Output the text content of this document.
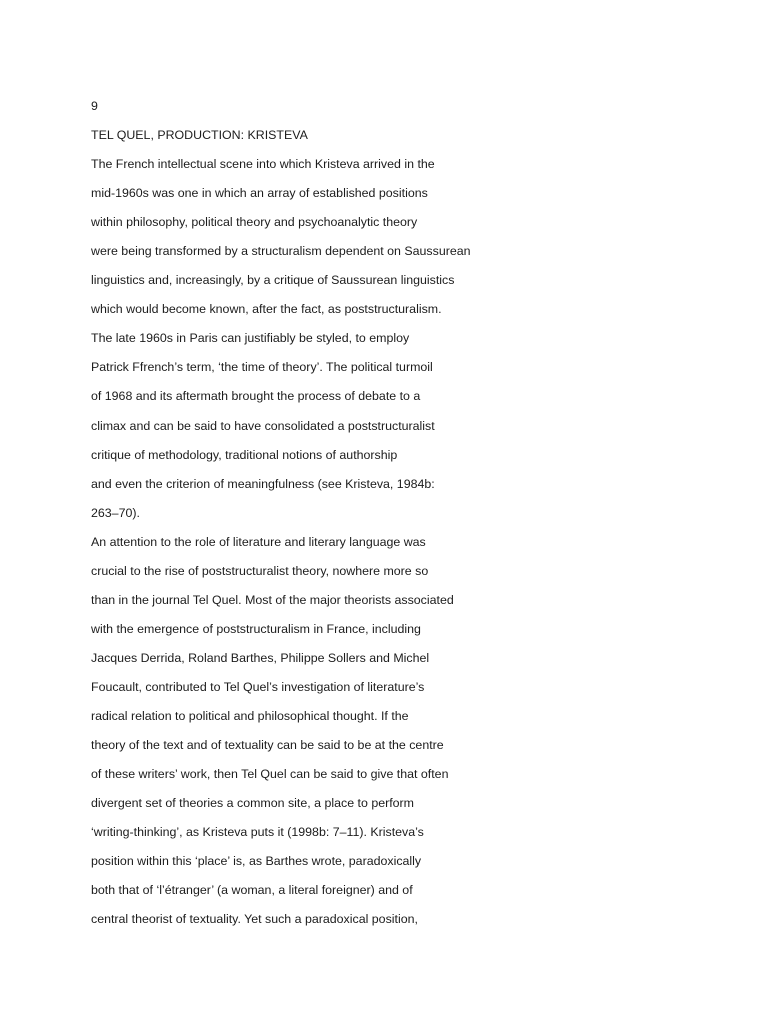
9
TEL QUEL, PRODUCTION: KRISTEVA
The French intellectual scene into which Kristeva arrived in the
mid-1960s was one in which an array of established positions
within philosophy, political theory and psychoanalytic theory
were being transformed by a structuralism dependent on Saussurean
linguistics and, increasingly, by a critique of Saussurean linguistics
which would become known, after the fact, as poststructuralism.
The late 1960s in Paris can justifiably be styled, to employ
Patrick Ffrench’s term, ‘the time of theory’. The political turmoil
of 1968 and its aftermath brought the process of debate to a
climax and can be said to have consolidated a poststructuralist
critique of methodology, traditional notions of authorship
and even the criterion of meaningfulness (see Kristeva, 1984b:
263–70).
An attention to the role of literature and literary language was
crucial to the rise of poststructuralist theory, nowhere more so
than in the journal Tel Quel. Most of the major theorists associated
with the emergence of poststructuralism in France, including
Jacques Derrida, Roland Barthes, Philippe Sollers and Michel
Foucault, contributed to Tel Quel’s investigation of literature’s
radical relation to political and philosophical thought. If the
theory of the text and of textuality can be said to be at the centre
of these writers’ work, then Tel Quel can be said to give that often
divergent set of theories a common site, a place to perform
‘writing-thinking’, as Kristeva puts it (1998b: 7–11). Kristeva’s
position within this ‘place’ is, as Barthes wrote, paradoxically
both that of ‘l’étranger’ (a woman, a literal foreigner) and of
central theorist of textuality. Yet such a paradoxical position,
